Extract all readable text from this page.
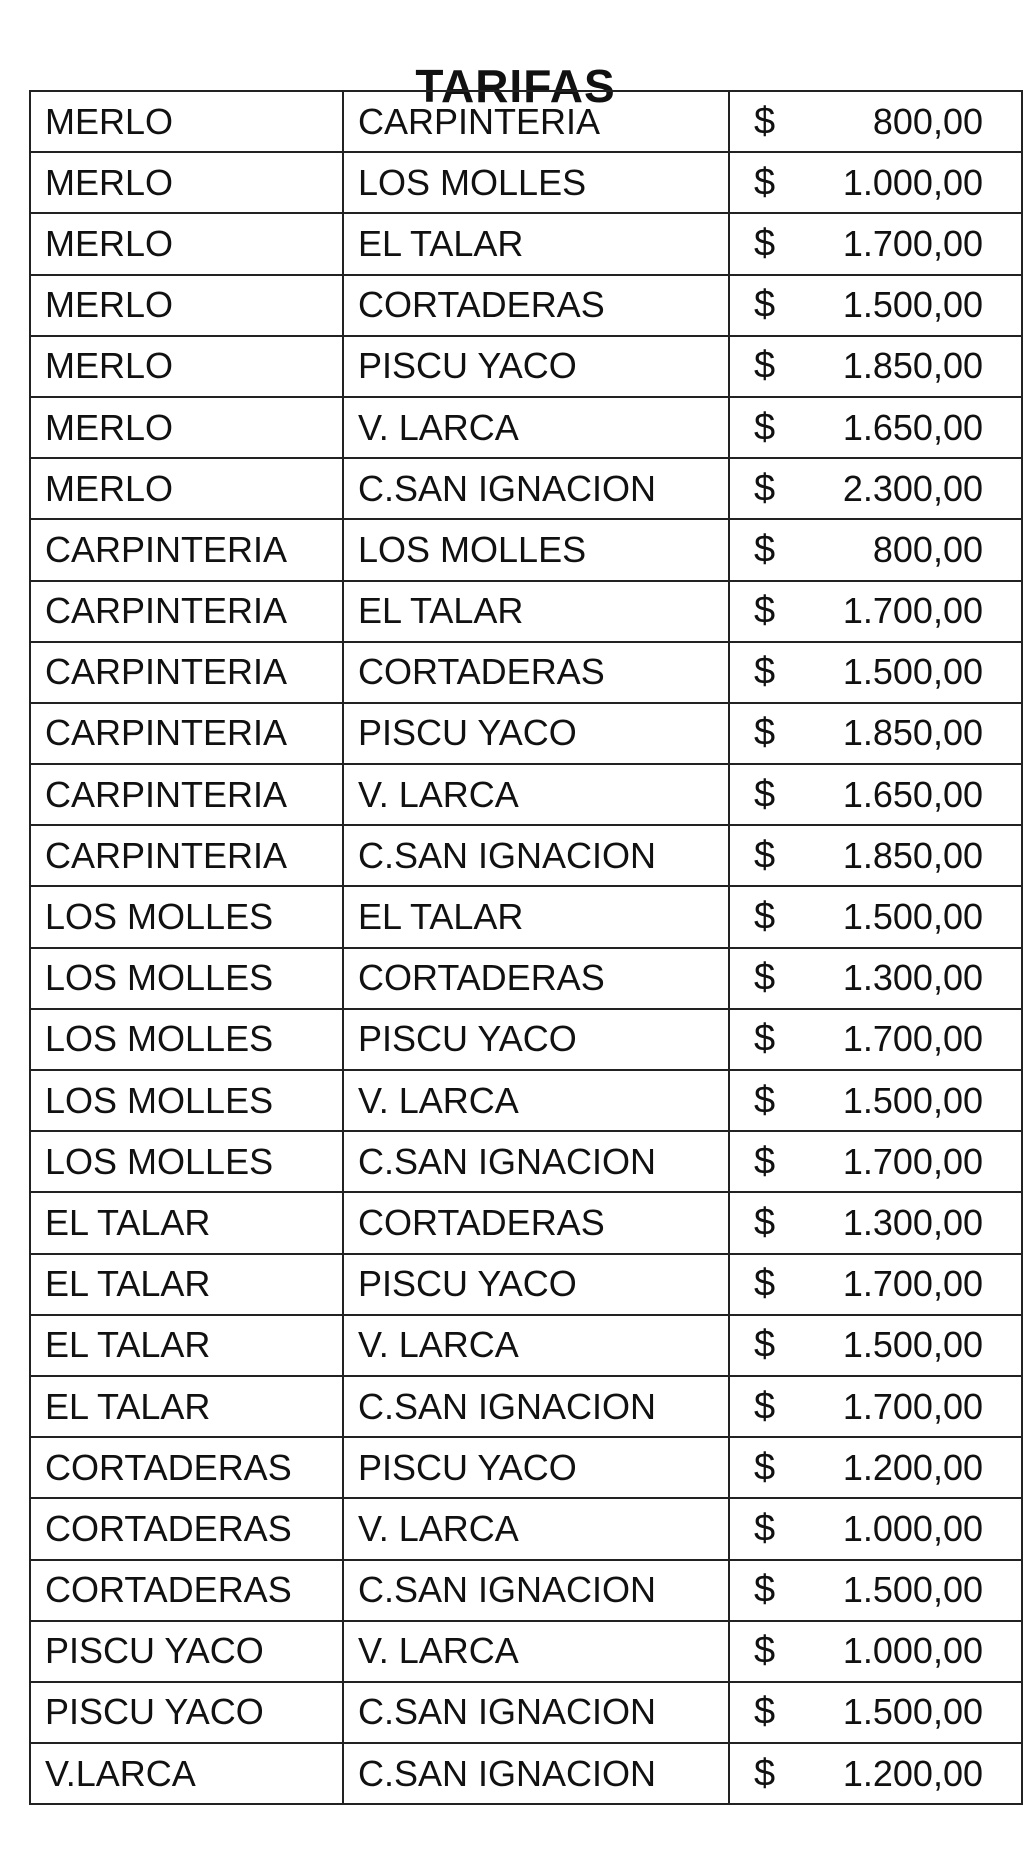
TARIFAS
MERLO	CARPINTERIA	$ 800,00

MERLO	LOS MOLLES	$ 1.000,00

MERLO	EL TALAR	$ 1.700,00

MERLO	CORTADERAS	$ 1.500,00

MERLO	PISCU YACO	$ 1.850,00

MERLO	V. LARCA	$ 1.650,00

MERLO	C.SAN IGNACION	$ 2.300,00

CARPINTERIA	LOS MOLLES	$ 800,00

CARPINTERIA	EL TALAR	$ 1.700,00

CARPINTERIA	CORTADERAS	$ 1.500,00

CARPINTERIA	PISCU YACO	$ 1.850,00

CARPINTERIA	V. LARCA	$ 1.650,00

CARPINTERIA	C.SAN IGNACION	$ 1.850,00

LOS MOLLES	EL TALAR	$ 1.500,00

LOS MOLLES	CORTADERAS	$ 1.300,00

LOS MOLLES	PISCU YACO	$ 1.700,00

LOS MOLLES	V. LARCA	$ 1.500,00

LOS MOLLES	C.SAN IGNACION	$ 1.700,00

EL TALAR	CORTADERAS	$ 1.300,00

EL TALAR	PISCU YACO	$ 1.700,00

EL TALAR	V. LARCA	$ 1.500,00

EL TALAR	C.SAN IGNACION	$ 1.700,00

CORTADERAS	PISCU YACO	$ 1.200,00

CORTADERAS	V. LARCA	$ 1.000,00

CORTADERAS	C.SAN IGNACION	$ 1.500,00

PISCU YACO	V. LARCA	$ 1.000,00

PISCU YACO	C.SAN IGNACION	$ 1.500,00

V.LARCA	C.SAN IGNACION	$ 1.200,00
